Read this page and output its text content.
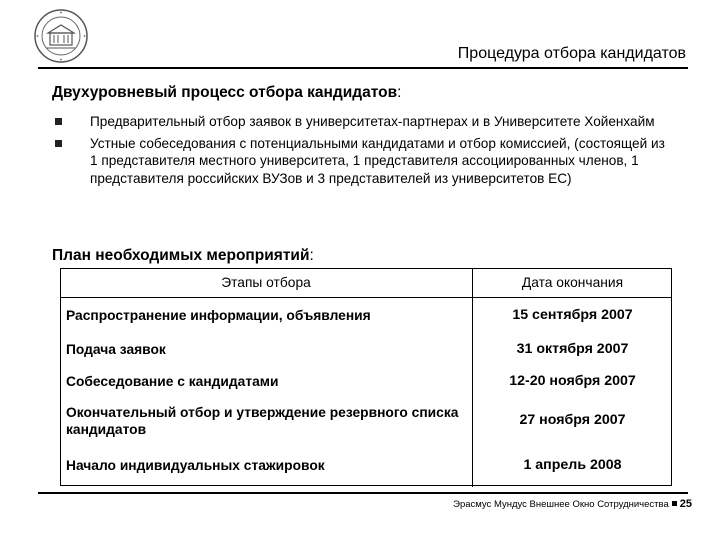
Процедура отбора кандидатов
Двухуровневый процесс отбора кандидатов:
Предварительный отбор заявок в университетах-партнерах и в Университете Хойенхайм
Устные собеседования с потенциальными кандидатами и отбор комиссией, (состоящей из 1 представителя местного университета, 1 представителя ассоциированных членов, 1 представителя российских ВУЗов и 3 представителей из университетов ЕС)
План необходимых мероприятий:
Этапы отбора	Дата окончания
Распространение информации, объявления	15 сентября 2007
Подача заявок	31 октября 2007
Собеседование с кандидатами	12-20 ноября 2007
Окончательный отбор и утверждение резервного списка кандидатов	27 ноября 2007
Начало индивидуальных стажировок	1 апрель 2008
Эрасмус Мундус Внешнее Окно Сотрудничества 25
